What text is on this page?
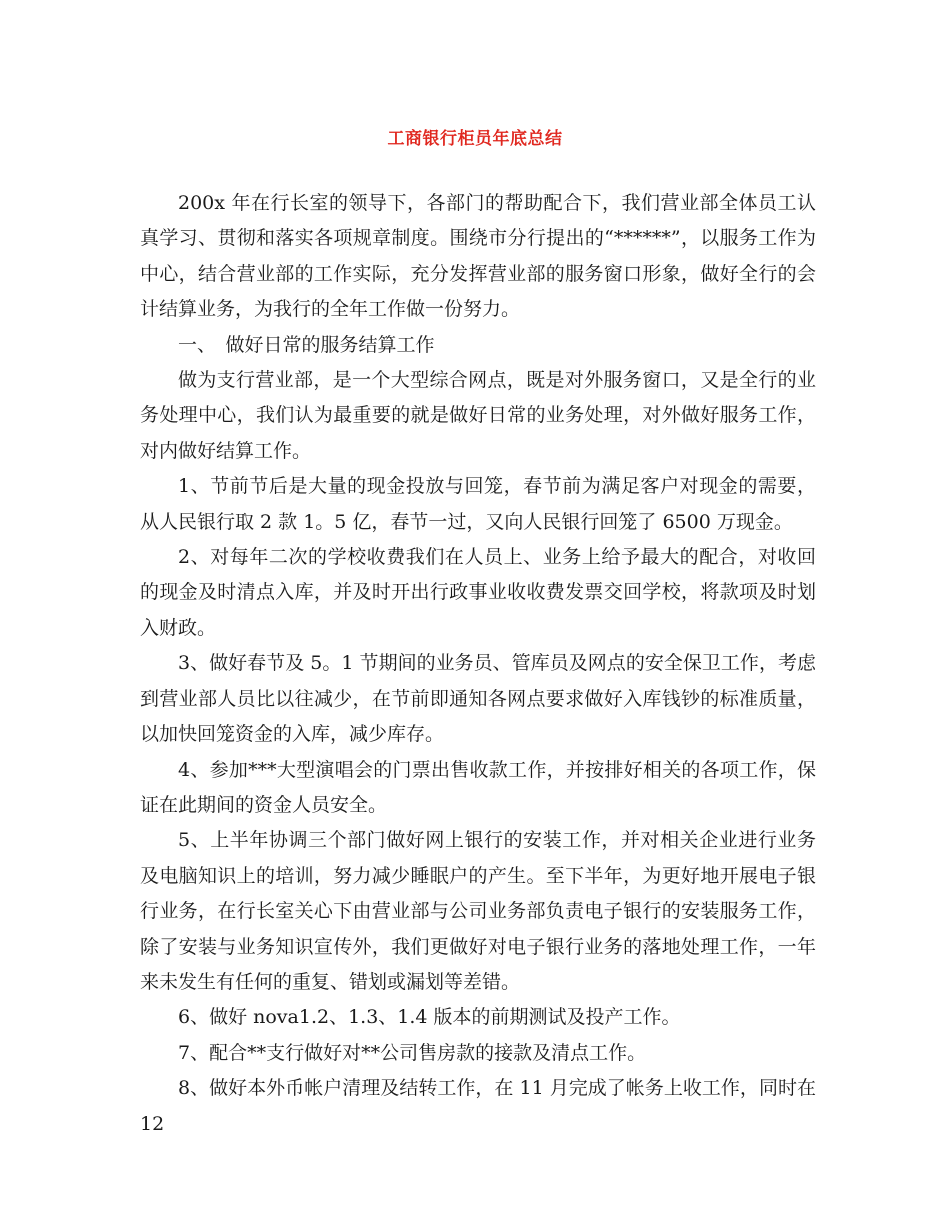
工商银行柜员年底总结

200x 年在行长室的领导下，各部门的帮助配合下，我们营业部全体员工认真学习、贯彻和落实各项规章制度。围绕市分行提出的“******”，以服务工作为中心，结合营业部的工作实际，充分发挥营业部的服务窗口形象，做好全行的会计结算业务，为我行的全年工作做一份努力。

一、　做好日常的服务结算工作

做为支行营业部，是一个大型综合网点，既是对外服务窗口，又是全行的业务处理中心，我们认为最重要的就是做好日常的业务处理，对外做好服务工作，对内做好结算工作。

1、节前节后是大量的现金投放与回笼，春节前为满足客户对现金的需要，从人民银行取 2 款 1。5 亿，春节一过，又向人民银行回笼了 6500 万现金。

2、对每年二次的学校收费我们在人员上、业务上给予最大的配合，对收回的现金及时清点入库，并及时开出行政事业收收费发票交回学校，将款项及时划入财政。

3、做好春节及 5。1 节期间的业务员、管库员及网点的安全保卫工作，考虑到营业部人员比以往减少，在节前即通知各网点要求做好入库钱钞的标准质量，以加快回笼资金的入库，减少库存。

4、参加***大型演唱会的门票出售收款工作，并按排好相关的各项工作，保证在此期间的资金人员安全。

5、上半年协调三个部门做好网上银行的安装工作，并对相关企业进行业务及电脑知识上的培训，努力减少睡眠户的产生。至下半年，为更好地开展电子银行业务，在行长室关心下由营业部与公司业务部负责电子银行的安装服务工作，除了安装与业务知识宣传外，我们更做好对电子银行业务的落地处理工作，一年来未发生有任何的重复、错划或漏划等差错。

6、做好 nova1.2、1.3、1.4 版本的前期测试及投产工作。

7、配合**支行做好对**公司售房款的接款及清点工作。

8、做好本外币帐户清理及结转工作，在 11 月完成了帐务上收工作，同时在 12
